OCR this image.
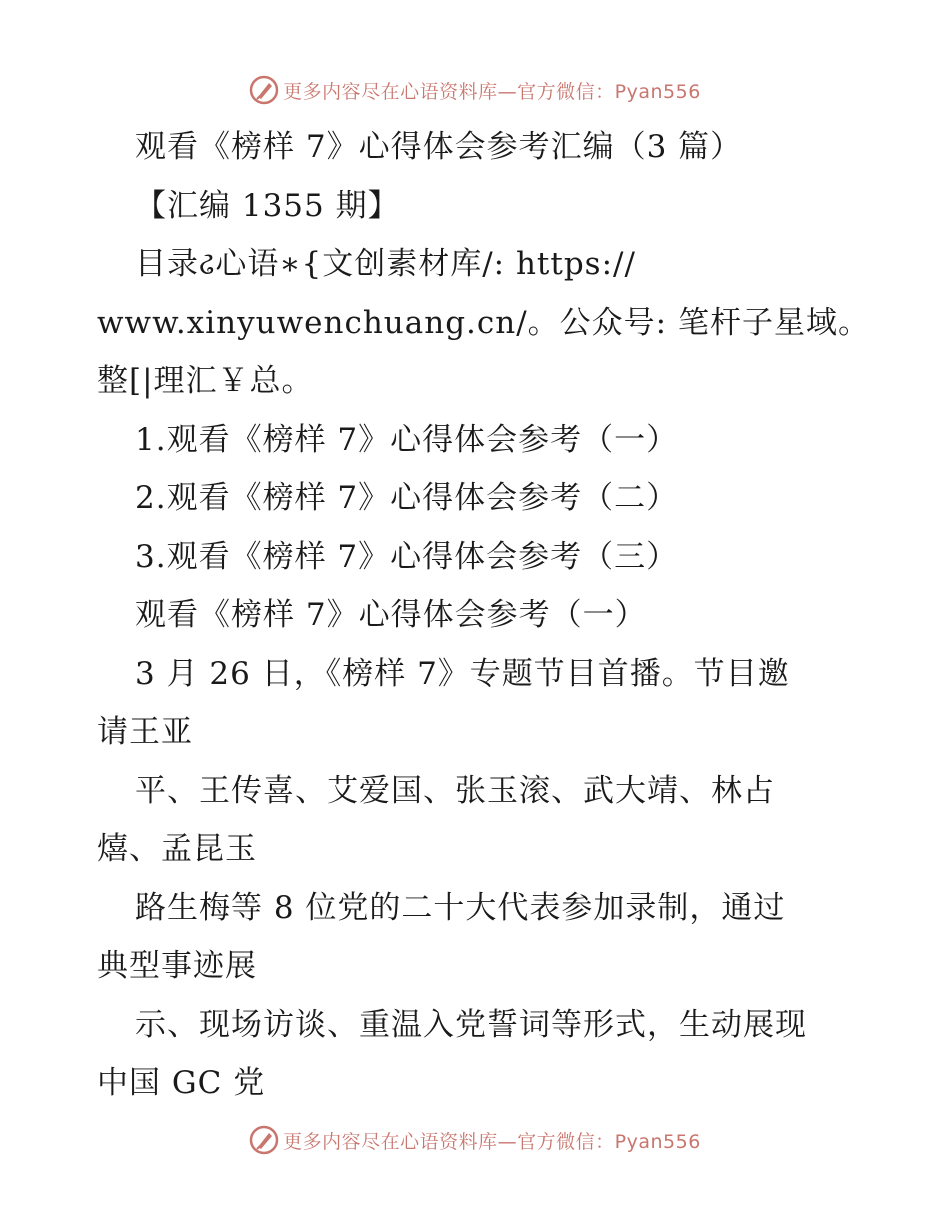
更多内容尽在心语资料库—官方微信：Pyan556

观看《榜样 7》心得体会参考汇编（3 篇）

【汇编 1355 期】

目录ઢ心语∗{文创素材库/: https://

www.xinyuwenchuang.cn/。公众号: 笔杆子星域。

整[|理汇￥总。

1.观看《榜样 7》心得体会参考（一）

2.观看《榜样 7》心得体会参考（二）

3.观看《榜样 7》心得体会参考（三）

观看《榜样 7》心得体会参考（一）

3 月 26 日，《榜样 7》专题节目首播。节目邀

请王亚

平、王传喜、艾爱国、张玉滚、武大靖、林占

熺、孟昆玉

路生梅等 8 位党的二十大代表参加录制，通过

典型事迹展

示、现场访谈、重温入党誓词等形式，生动展现

中国 GC 党

更多内容尽在心语资料库—官方微信：Pyan556
